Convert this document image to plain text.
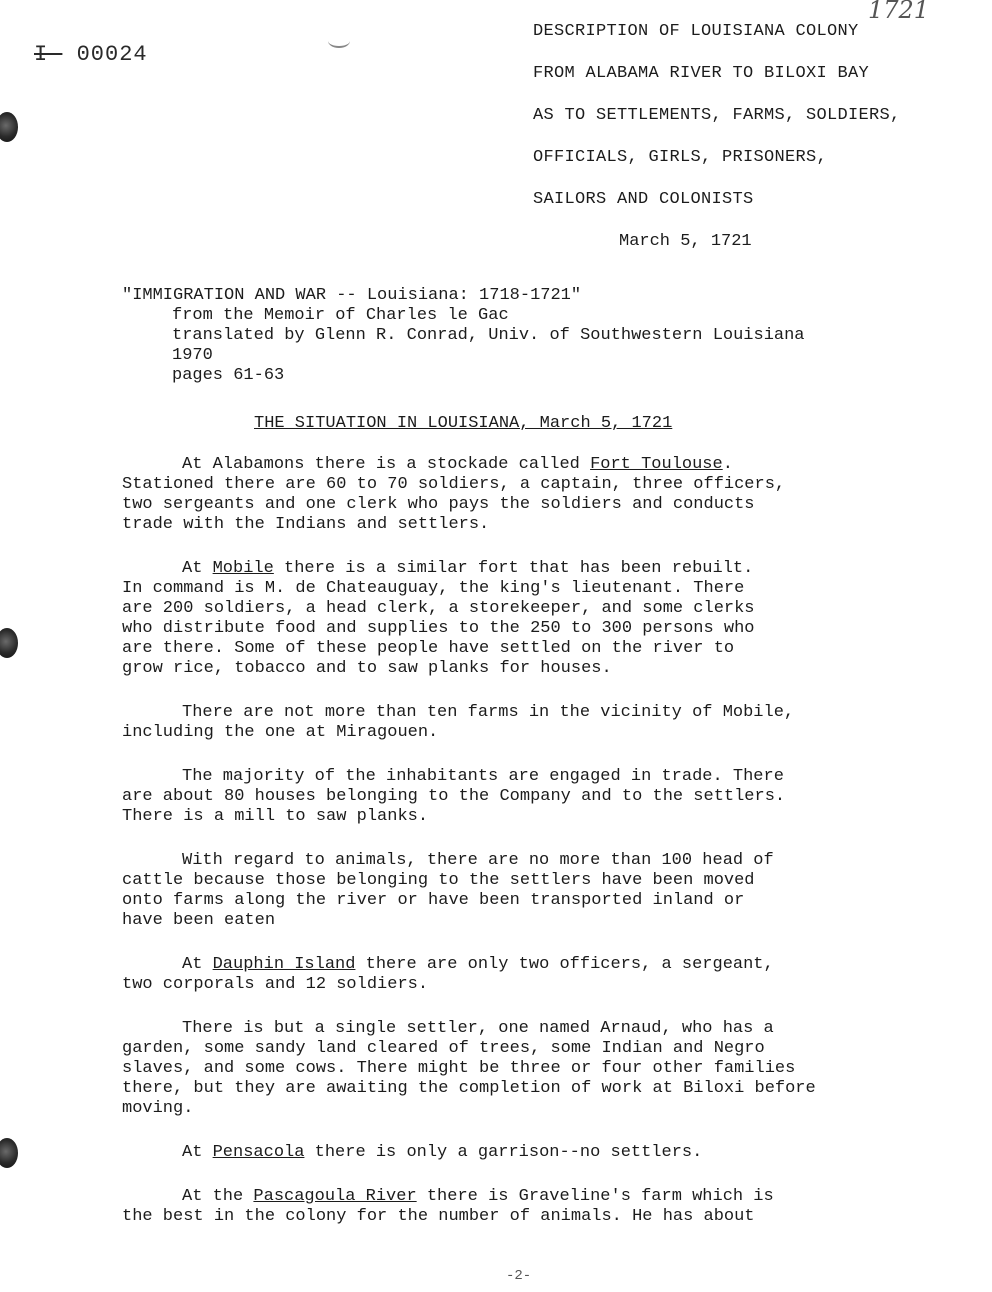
I- 00024
1721
DESCRIPTION OF LOUISIANA COLONY
FROM ALABAMA RIVER TO BILOXI BAY
AS TO SETTLEMENTS, FARMS, SOLDIERS,
OFFICIALS, GIRLS, PRISONERS,
SAILORS AND COLONISTS
March 5, 1721
"IMMIGRATION AND WAR -- Louisiana: 1718-1721"
from the Memoir of Charles le Gac
translated by Glenn R. Conrad, Univ. of Southwestern Louisiana
1970
pages 61-63
THE SITUATION IN LOUISIANA, March 5, 1721
At Alabamons there is a stockade called Fort Toulouse.
Stationed there are 60 to 70 soldiers, a captain, three officers,
two sergeants and one clerk who pays the soldiers and conducts
trade with the Indians and settlers.
At Mobile there is a similar fort that has been rebuilt.
In command is M. de Chateauguay, the king's lieutenant. There
are 200 soldiers, a head clerk, a storekeeper, and some clerks
who distribute food and supplies to the 250 to 300 persons who
are there. Some of these people have settled on the river to
grow rice, tobacco and to saw planks for houses.
There are not more than ten farms in the vicinity of Mobile,
including the one at Miragouen.
The majority of the inhabitants are engaged in trade. There
are about 80 houses belonging to the Company and to the settlers.
There is a mill to saw planks.
With regard to animals, there are no more than 100 head of
cattle because those belonging to the settlers have been moved
onto farms along the river or have been transported inland or
have been eaten
At Dauphin Island there are only two officers, a sergeant,
two corporals and 12 soldiers.
There is but a single settler, one named Arnaud, who has a
garden, some sandy land cleared of trees, some Indian and Negro
slaves, and some cows. There might be three or four other families
there, but they are awaiting the completion of work at Biloxi before
moving.
At Pensacola there is only a garrison--no settlers.
At the Pascagoula River there is Graveline's farm which is
the best in the colony for the number of animals. He has about
-2-
